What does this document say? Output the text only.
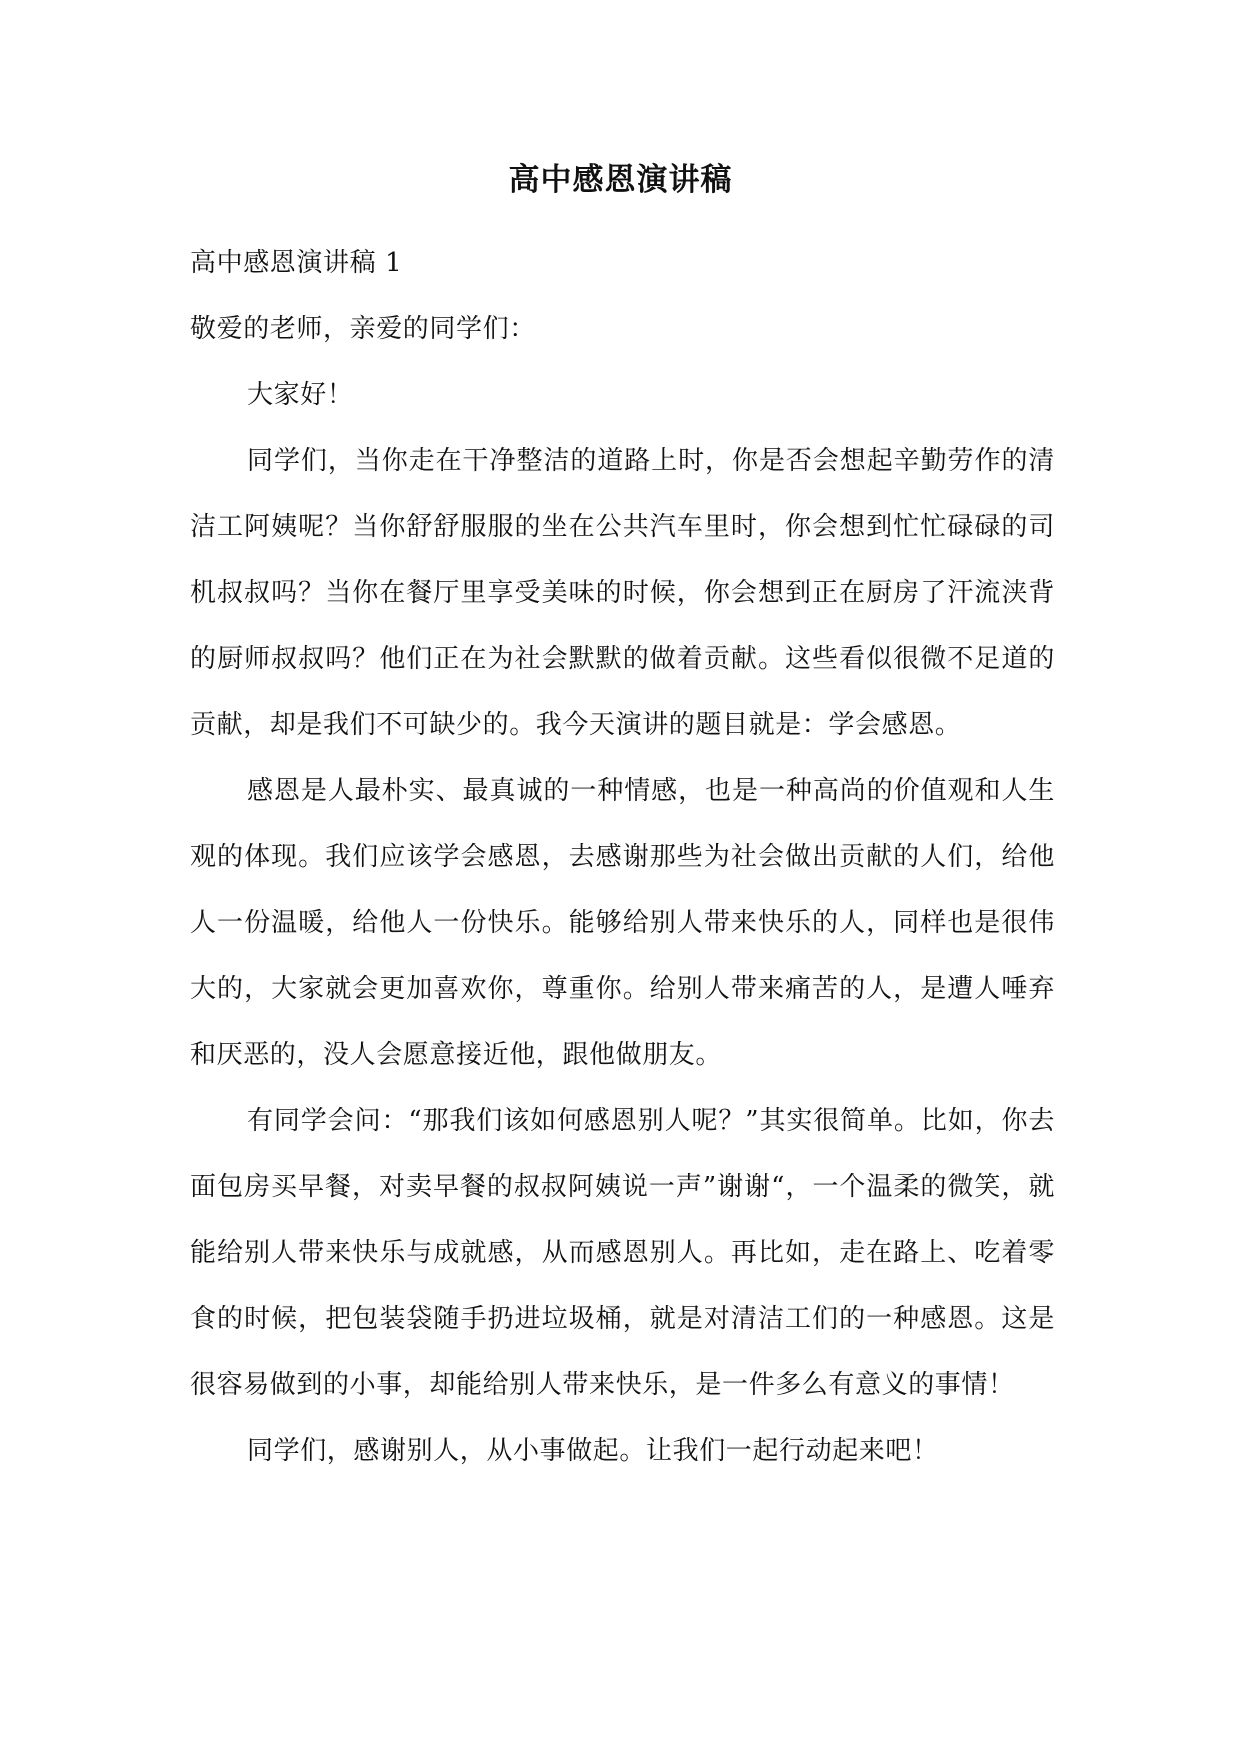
高中感恩演讲稿

高中感恩演讲稿 1

敬爱的老师，亲爱的同学们：

大家好！

同学们，当你走在干净整洁的道路上时，你是否会想起辛勤劳作的清洁工阿姨呢？当你舒舒服服的坐在公共汽车里时，你会想到忙忙碌碌的司机叔叔吗？当你在餐厅里享受美味的时候，你会想到正在厨房了汗流浃背的厨师叔叔吗？他们正在为社会默默的做着贡献。这些看似很微不足道的贡献，却是我们不可缺少的。我今天演讲的题目就是：学会感恩。

感恩是人最朴实、最真诚的一种情感，也是一种高尚的价值观和人生观的体现。我们应该学会感恩，去感谢那些为社会做出贡献的人们，给他人一份温暖，给他人一份快乐。能够给别人带来快乐的人，同样也是很伟大的，大家就会更加喜欢你，尊重你。给别人带来痛苦的人，是遭人唾弃和厌恶的，没人会愿意接近他，跟他做朋友。

有同学会问：“那我们该如何感恩别人呢？”其实很简单。比如，你去面包房买早餐，对卖早餐的叔叔阿姨说一声”谢谢“，一个温柔的微笑，就能给别人带来快乐与成就感，从而感恩别人。再比如，走在路上、吃着零食的时候，把包装袋随手扔进垃圾桶，就是对清洁工们的一种感恩。这是很容易做到的小事，却能给别人带来快乐，是一件多么有意义的事情！

同学们，感谢别人，从小事做起。让我们一起行动起来吧！
